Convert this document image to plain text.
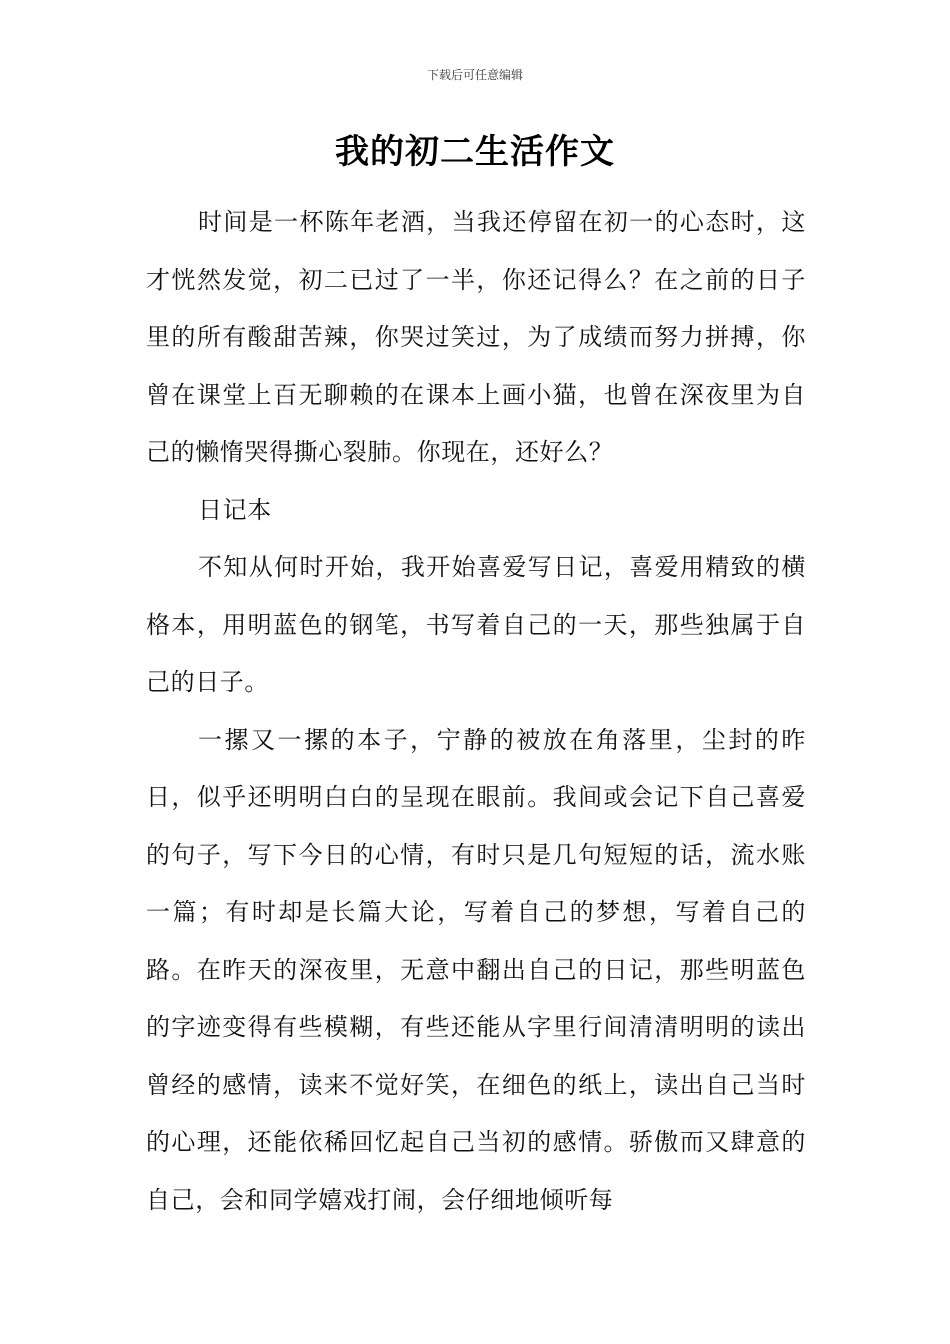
下载后可任意编辑
我的初二生活作文

时间是一杯陈年老酒，当我还停留在初一的心态时，这才恍然发觉，初二已过了一半，你还记得么？在之前的日子里的所有酸甜苦辣，你哭过笑过，为了成绩而努力拼搏，你曾在课堂上百无聊赖的在课本上画小猫，也曾在深夜里为自己的懒惰哭得撕心裂肺。你现在，还好么？

日记本

不知从何时开始，我开始喜爱写日记，喜爱用精致的横格本，用明蓝色的钢笔，书写着自己的一天，那些独属于自己的日子。

一摞又一摞的本子，宁静的被放在角落里，尘封的昨日，似乎还明明白白的呈现在眼前。我间或会记下自己喜爱的句子，写下今日的心情，有时只是几句短短的话，流水账一篇；有时却是长篇大论，写着自己的梦想，写着自己的路。在昨天的深夜里，无意中翻出自己的日记，那些明蓝色的字迹变得有些模糊，有些还能从字里行间清清明明的读出曾经的感情，读来不觉好笑，在细色的纸上，读出自己当时的心理，还能依稀回忆起自己当初的感情。骄傲而又肆意的自己，会和同学嬉戏打闹，会仔细地倾听每
